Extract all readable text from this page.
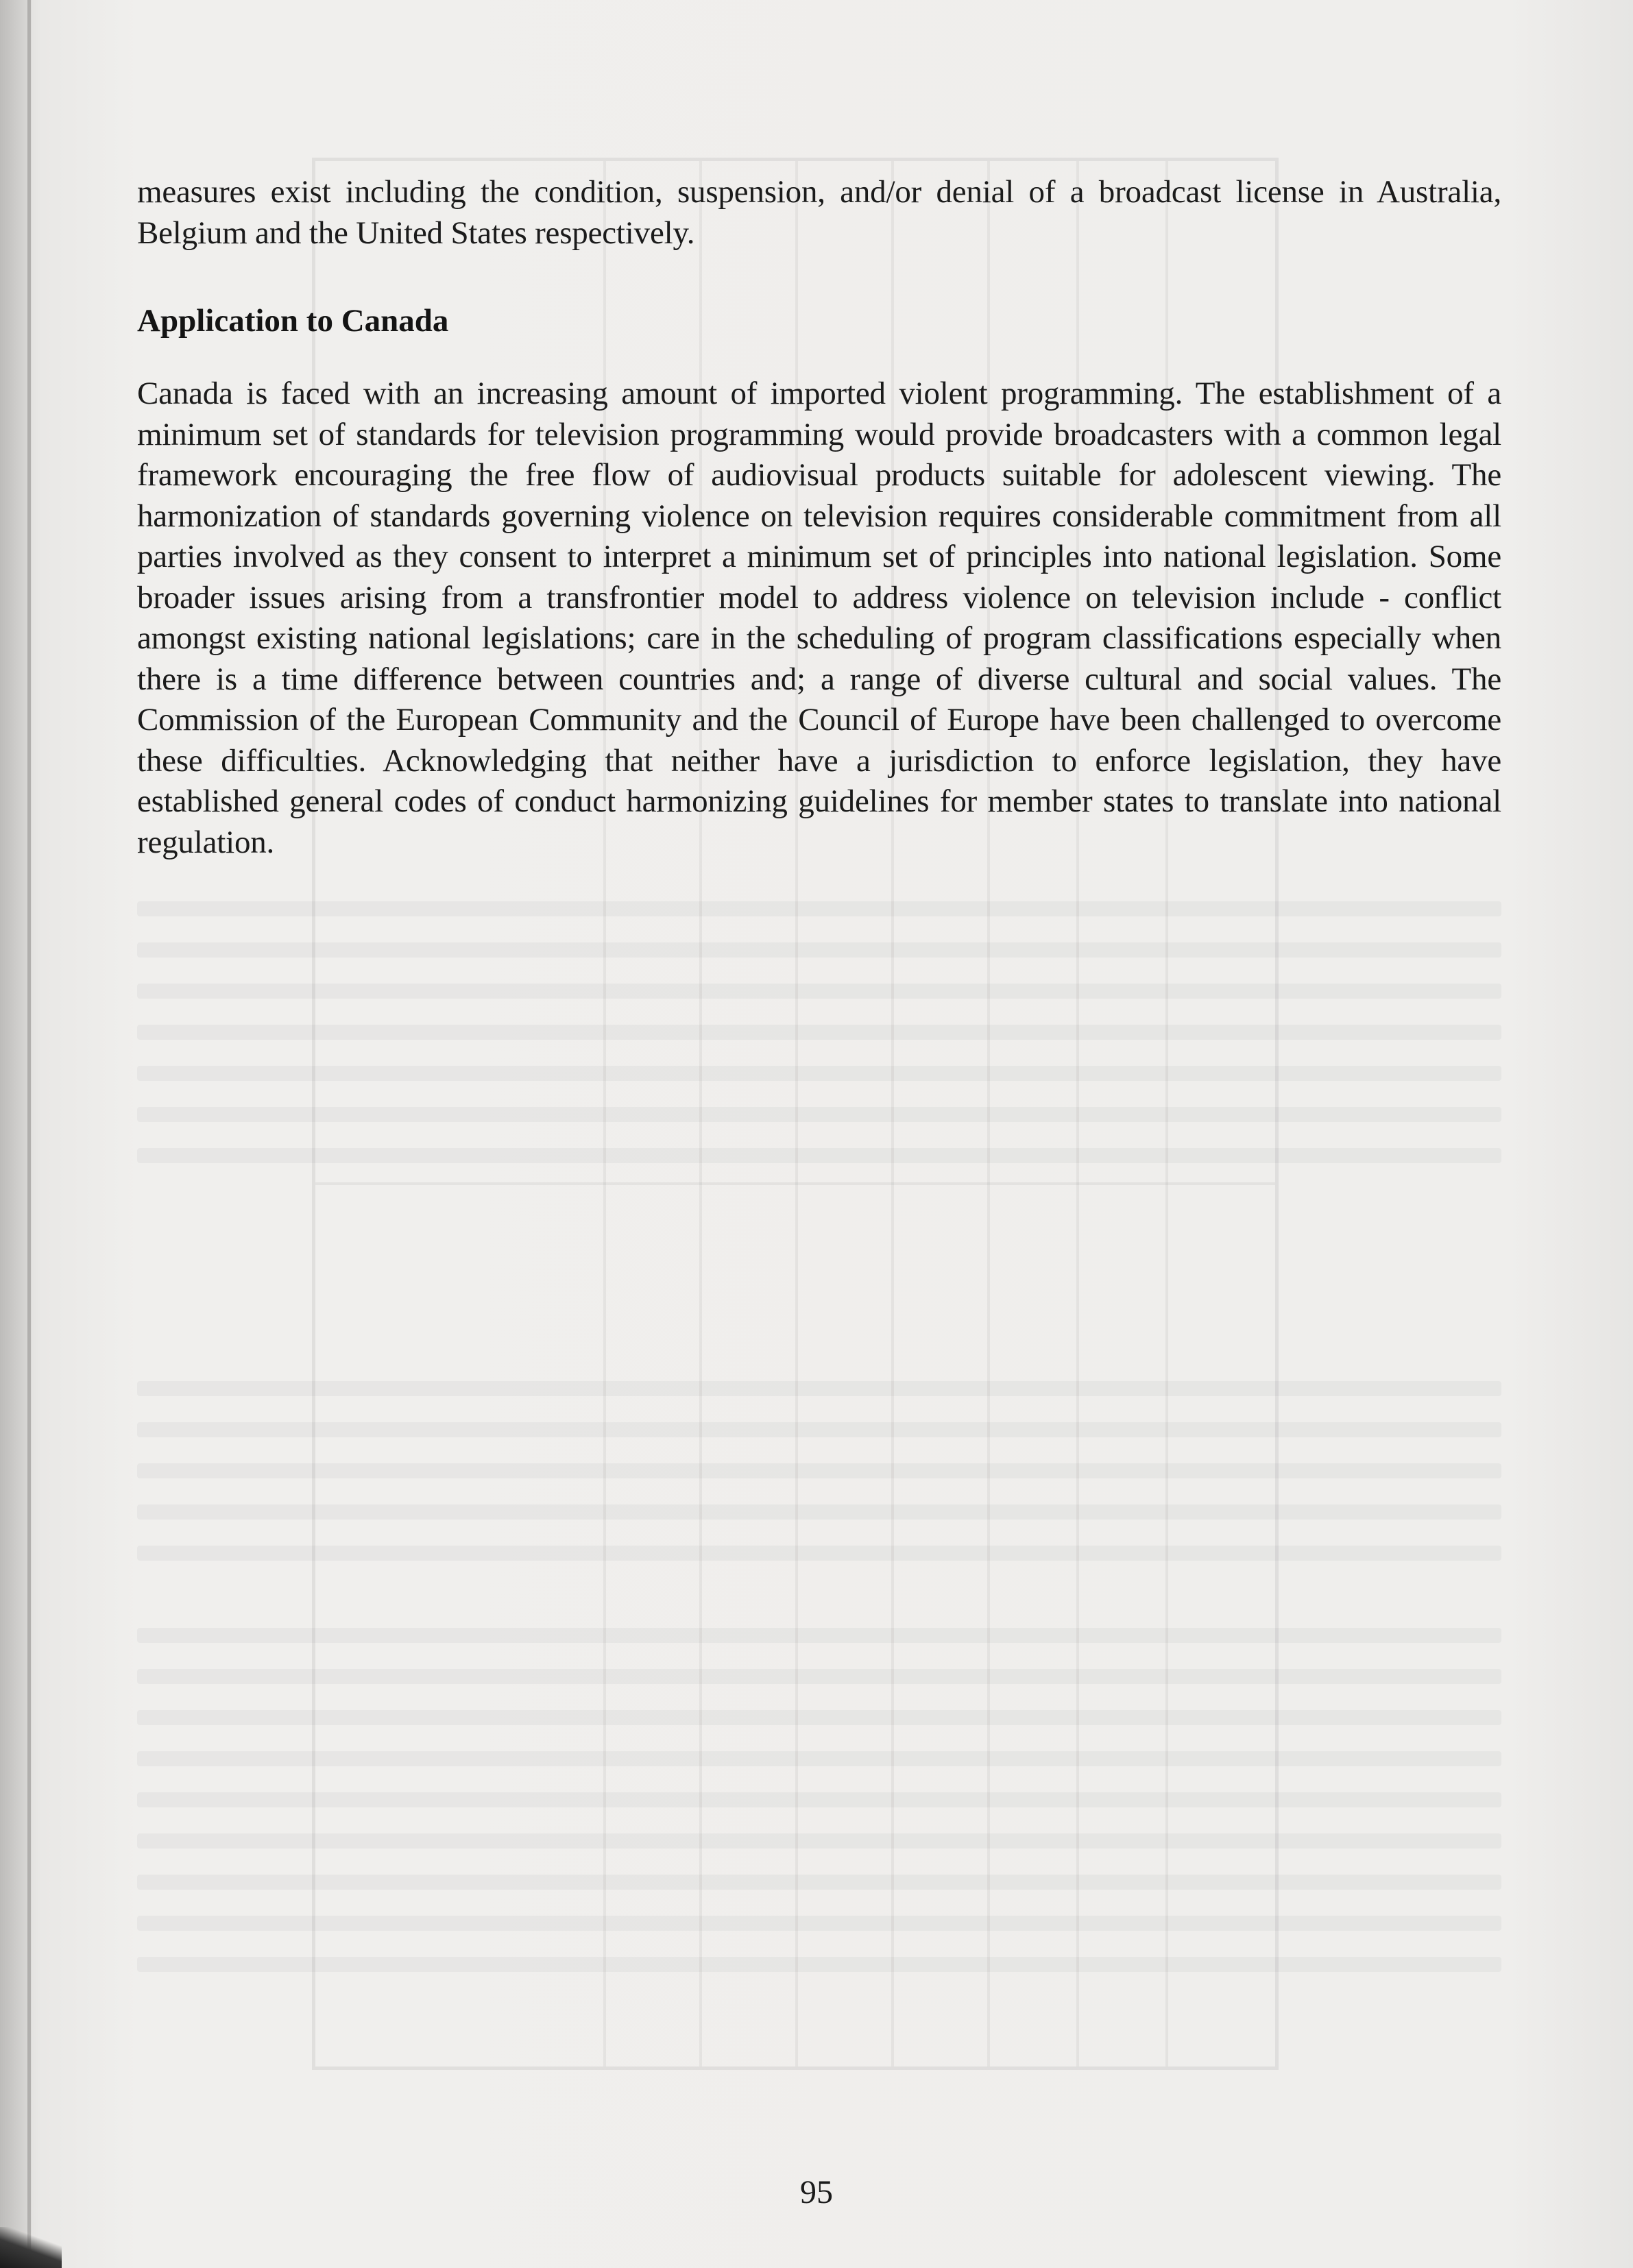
measures exist including the condition, suspension, and/or denial of a broadcast license in Australia, Belgium and the United States respectively.

Application to Canada

Canada is faced with an increasing amount of imported violent programming. The establishment of a minimum set of standards for television programming would provide broadcasters with a common legal framework encouraging the free flow of audiovisual products suitable for adolescent viewing. The harmonization of standards governing violence on television requires considerable commitment from all parties involved as they consent to interpret a minimum set of principles into national legislation. Some broader issues arising from a transfrontier model to address violence on television include - conflict amongst existing national legislations; care in the scheduling of program classifications especially when there is a time difference between countries and; a range of diverse cultural and social values. The Commission of the European Community and the Council of Europe have been challenged to overcome these difficulties. Acknowledging that neither have a jurisdiction to enforce legislation, they have established general codes of conduct harmonizing guidelines for member states to translate into national regulation.

95
